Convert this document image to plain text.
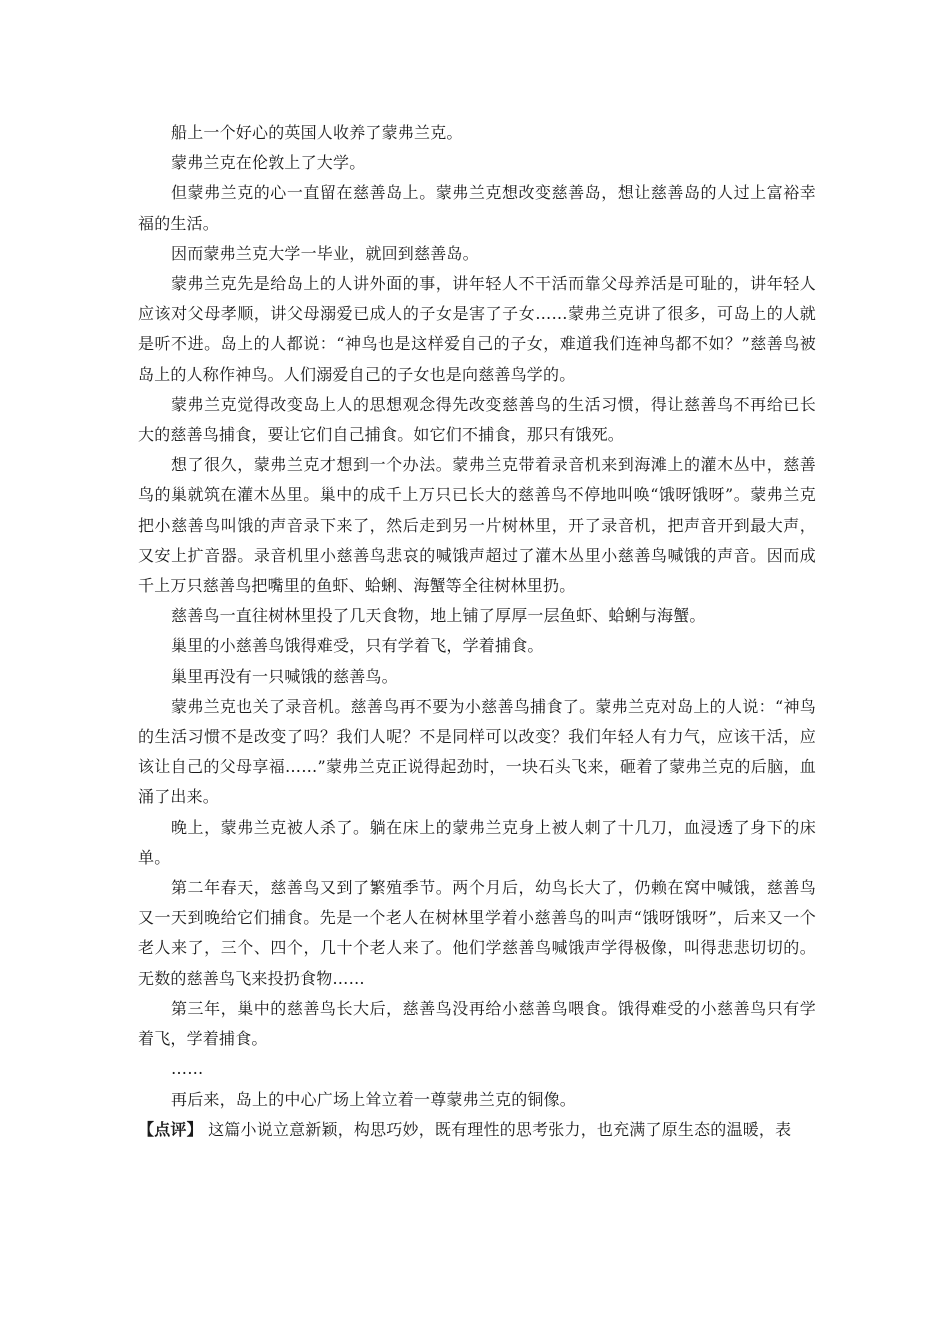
船上一个好心的英国人收养了蒙弗兰克。

蒙弗兰克在伦敦上了大学。

但蒙弗兰克的心一直留在慈善岛上。蒙弗兰克想改变慈善岛，想让慈善岛的人过上富裕幸福的生活。

因而蒙弗兰克大学一毕业，就回到慈善岛。

蒙弗兰克先是给岛上的人讲外面的事，讲年轻人不干活而靠父母养活是可耻的，讲年轻人应该对父母孝顺，讲父母溺爱已成人的子女是害了子女……蒙弗兰克讲了很多，可岛上的人就是听不进。岛上的人都说：“神鸟也是这样爱自己的子女，难道我们连神鸟都不如？”慈善鸟被岛上的人称作神鸟。人们溺爱自己的子女也是向慈善鸟学的。

蒙弗兰克觉得改变岛上人的思想观念得先改变慈善鸟的生活习惯，得让慈善鸟不再给已长大的慈善鸟捕食，要让它们自己捕食。如它们不捕食，那只有饿死。

想了很久，蒙弗兰克才想到一个办法。蒙弗兰克带着录音机来到海滩上的灌木丛中，慈善鸟的巢就筑在灌木丛里。巢中的成千上万只已长大的慈善鸟不停地叫唤“饿呀饿呀”。蒙弗兰克把小慈善鸟叫饿的声音录下来了，然后走到另一片树林里，开了录音机，把声音开到最大声，又安上扩音器。录音机里小慈善鸟悲哀的喊饿声超过了灌木丛里小慈善鸟喊饿的声音。因而成千上万只慈善鸟把嘴里的鱼虾、蛤蜊、海蟹等全往树林里扔。

慈善鸟一直往树林里投了几天食物，地上铺了厚厚一层鱼虾、蛤蜊与海蟹。

巢里的小慈善鸟饿得难受，只有学着飞，学着捕食。

巢里再没有一只喊饿的慈善鸟。

蒙弗兰克也关了录音机。慈善鸟再不要为小慈善鸟捕食了。蒙弗兰克对岛上的人说：“神鸟的生活习惯不是改变了吗？我们人呢？不是同样可以改变？我们年轻人有力气，应该干活，应该让自己的父母享福……”蒙弗兰克正说得起劲时，一块石头飞来，砸着了蒙弗兰克的后脑，血涌了出来。

晚上，蒙弗兰克被人杀了。躺在床上的蒙弗兰克身上被人刺了十几刀，血浸透了身下的床单。

第二年春天，慈善鸟又到了繁殖季节。两个月后，幼鸟长大了，仍赖在窝中喊饿，慈善鸟又一天到晚给它们捕食。先是一个老人在树林里学着小慈善鸟的叫声“饿呀饿呀”，后来又一个老人来了，三个、四个，几十个老人来了。他们学慈善鸟喊饿声学得极像，叫得悲悲切切的。无数的慈善鸟飞来投扔食物……

第三年，巢中的慈善鸟长大后，慈善鸟没再给小慈善鸟喂食。饿得难受的小慈善鸟只有学着飞，学着捕食。

……

再后来，岛上的中心广场上耸立着一尊蒙弗兰克的铜像。

【点评】 这篇小说立意新颖，构思巧妙，既有理性的思考张力，也充满了原生态的温暖，表
